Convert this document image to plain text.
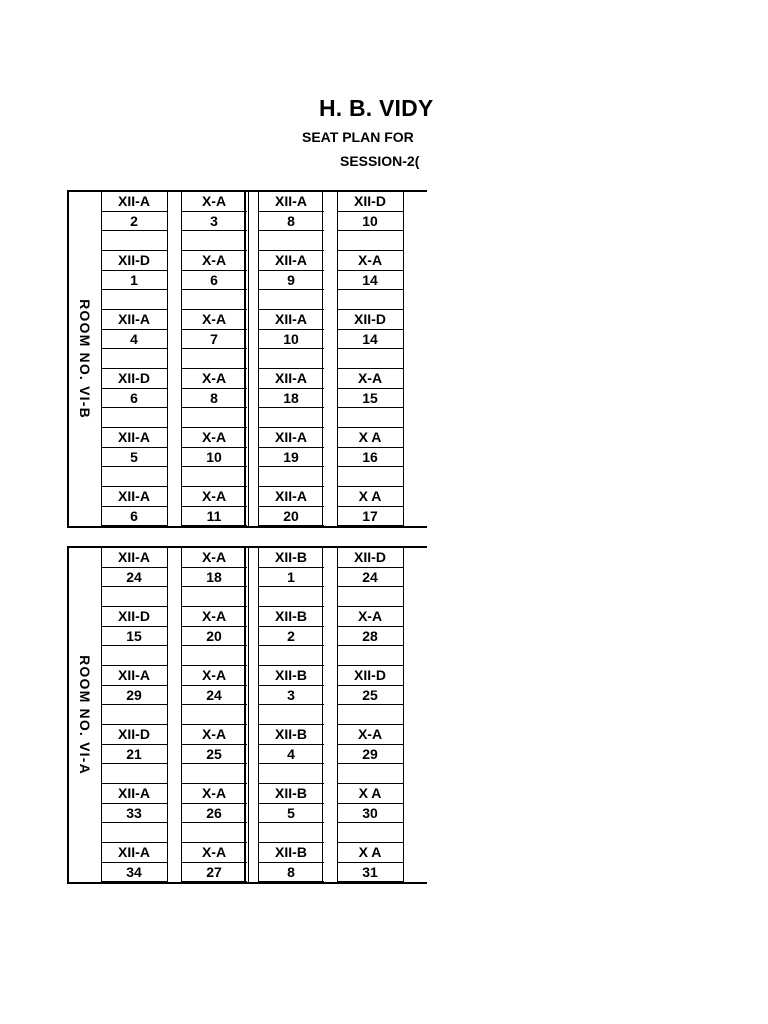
H. B. VIDY
SEAT PLAN FOR
SESSION-2(
ROOM NO. VI-B
XII-A
2
XII-D
1
XII-A
4
XII-D
6
XII-A
5
XII-A
6
X-A
3
X-A
6
X-A
7
X-A
8
X-A
10
X-A
11
XII-A
8
XII-A
9
XII-A
10
XII-A
18
XII-A
19
XII-A
20
XII-D
10
X-A
14
XII-D
14
X-A
15
X A
16
X A
17
ROOM NO. VI-A
XII-A
24
XII-D
15
XII-A
29
XII-D
21
XII-A
33
XII-A
34
X-A
18
X-A
20
X-A
24
X-A
25
X-A
26
X-A
27
XII-B
1
XII-B
2
XII-B
3
XII-B
4
XII-B
5
XII-B
8
XII-D
24
X-A
28
XII-D
25
X-A
29
X A
30
X A
31
